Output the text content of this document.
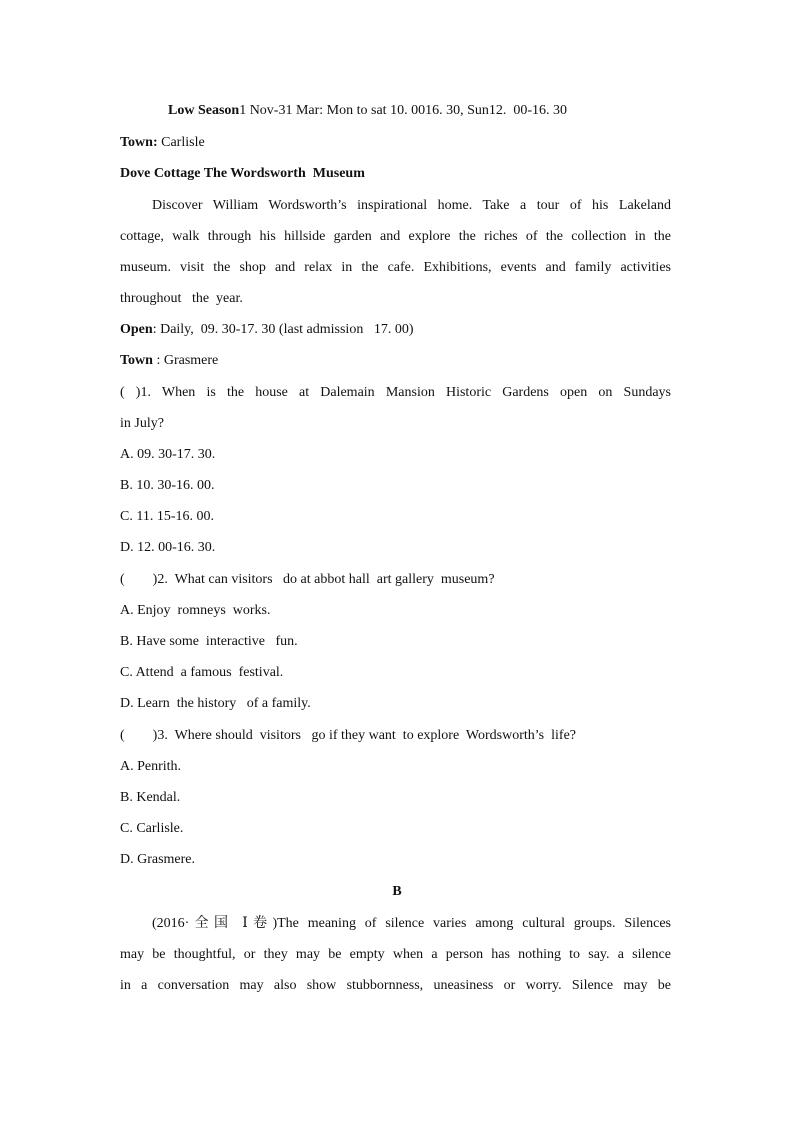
Low Season1 Nov-31 Mar: Mon to sat 10. 0016. 30, Sun12.  00-16. 30
Town: Carlisle
Dove Cottage The Wordsworth  Museum
Discover William Wordsworth’s inspirational home. Take a tour of his Lakeland
cottage, walk through his hillside garden and explore the riches of the collection in the
museum. visit the shop and relax in the cafe. Exhibitions, events and family activities
throughout   the  year.
Open: Daily,  09. 30-17. 30 (last admission   17. 00)
Town : Grasmere
( )1. When is the house at Dalemain Mansion Historic Gardens open on Sundays
in July?
A. 09. 30-17. 30.
B. 10. 30-16. 00.
C. 11. 15-16. 00.
D. 12. 00-16. 30.
(        )2.  What can visitors   do at abbot hall  art gallery  museum?
A. Enjoy  romneys  works.
B. Have some  interactive   fun.
C. Attend  a famous  festival.
D. Learn  the history   of a family.
(        )3.  Where should  visitors   go if they want  to explore  Wordsworth’s  life?
A. Penrith.
B. Kendal.
C. Carlisle.
D. Grasmere.
B
(2016·全国 Ⅰ卷)The meaning of silence varies among cultural groups. Silences
may be thoughtful, or they may be empty when a person has nothing to say. a silence
in a conversation may also show stubbornness, uneasiness or worry. Silence may be
